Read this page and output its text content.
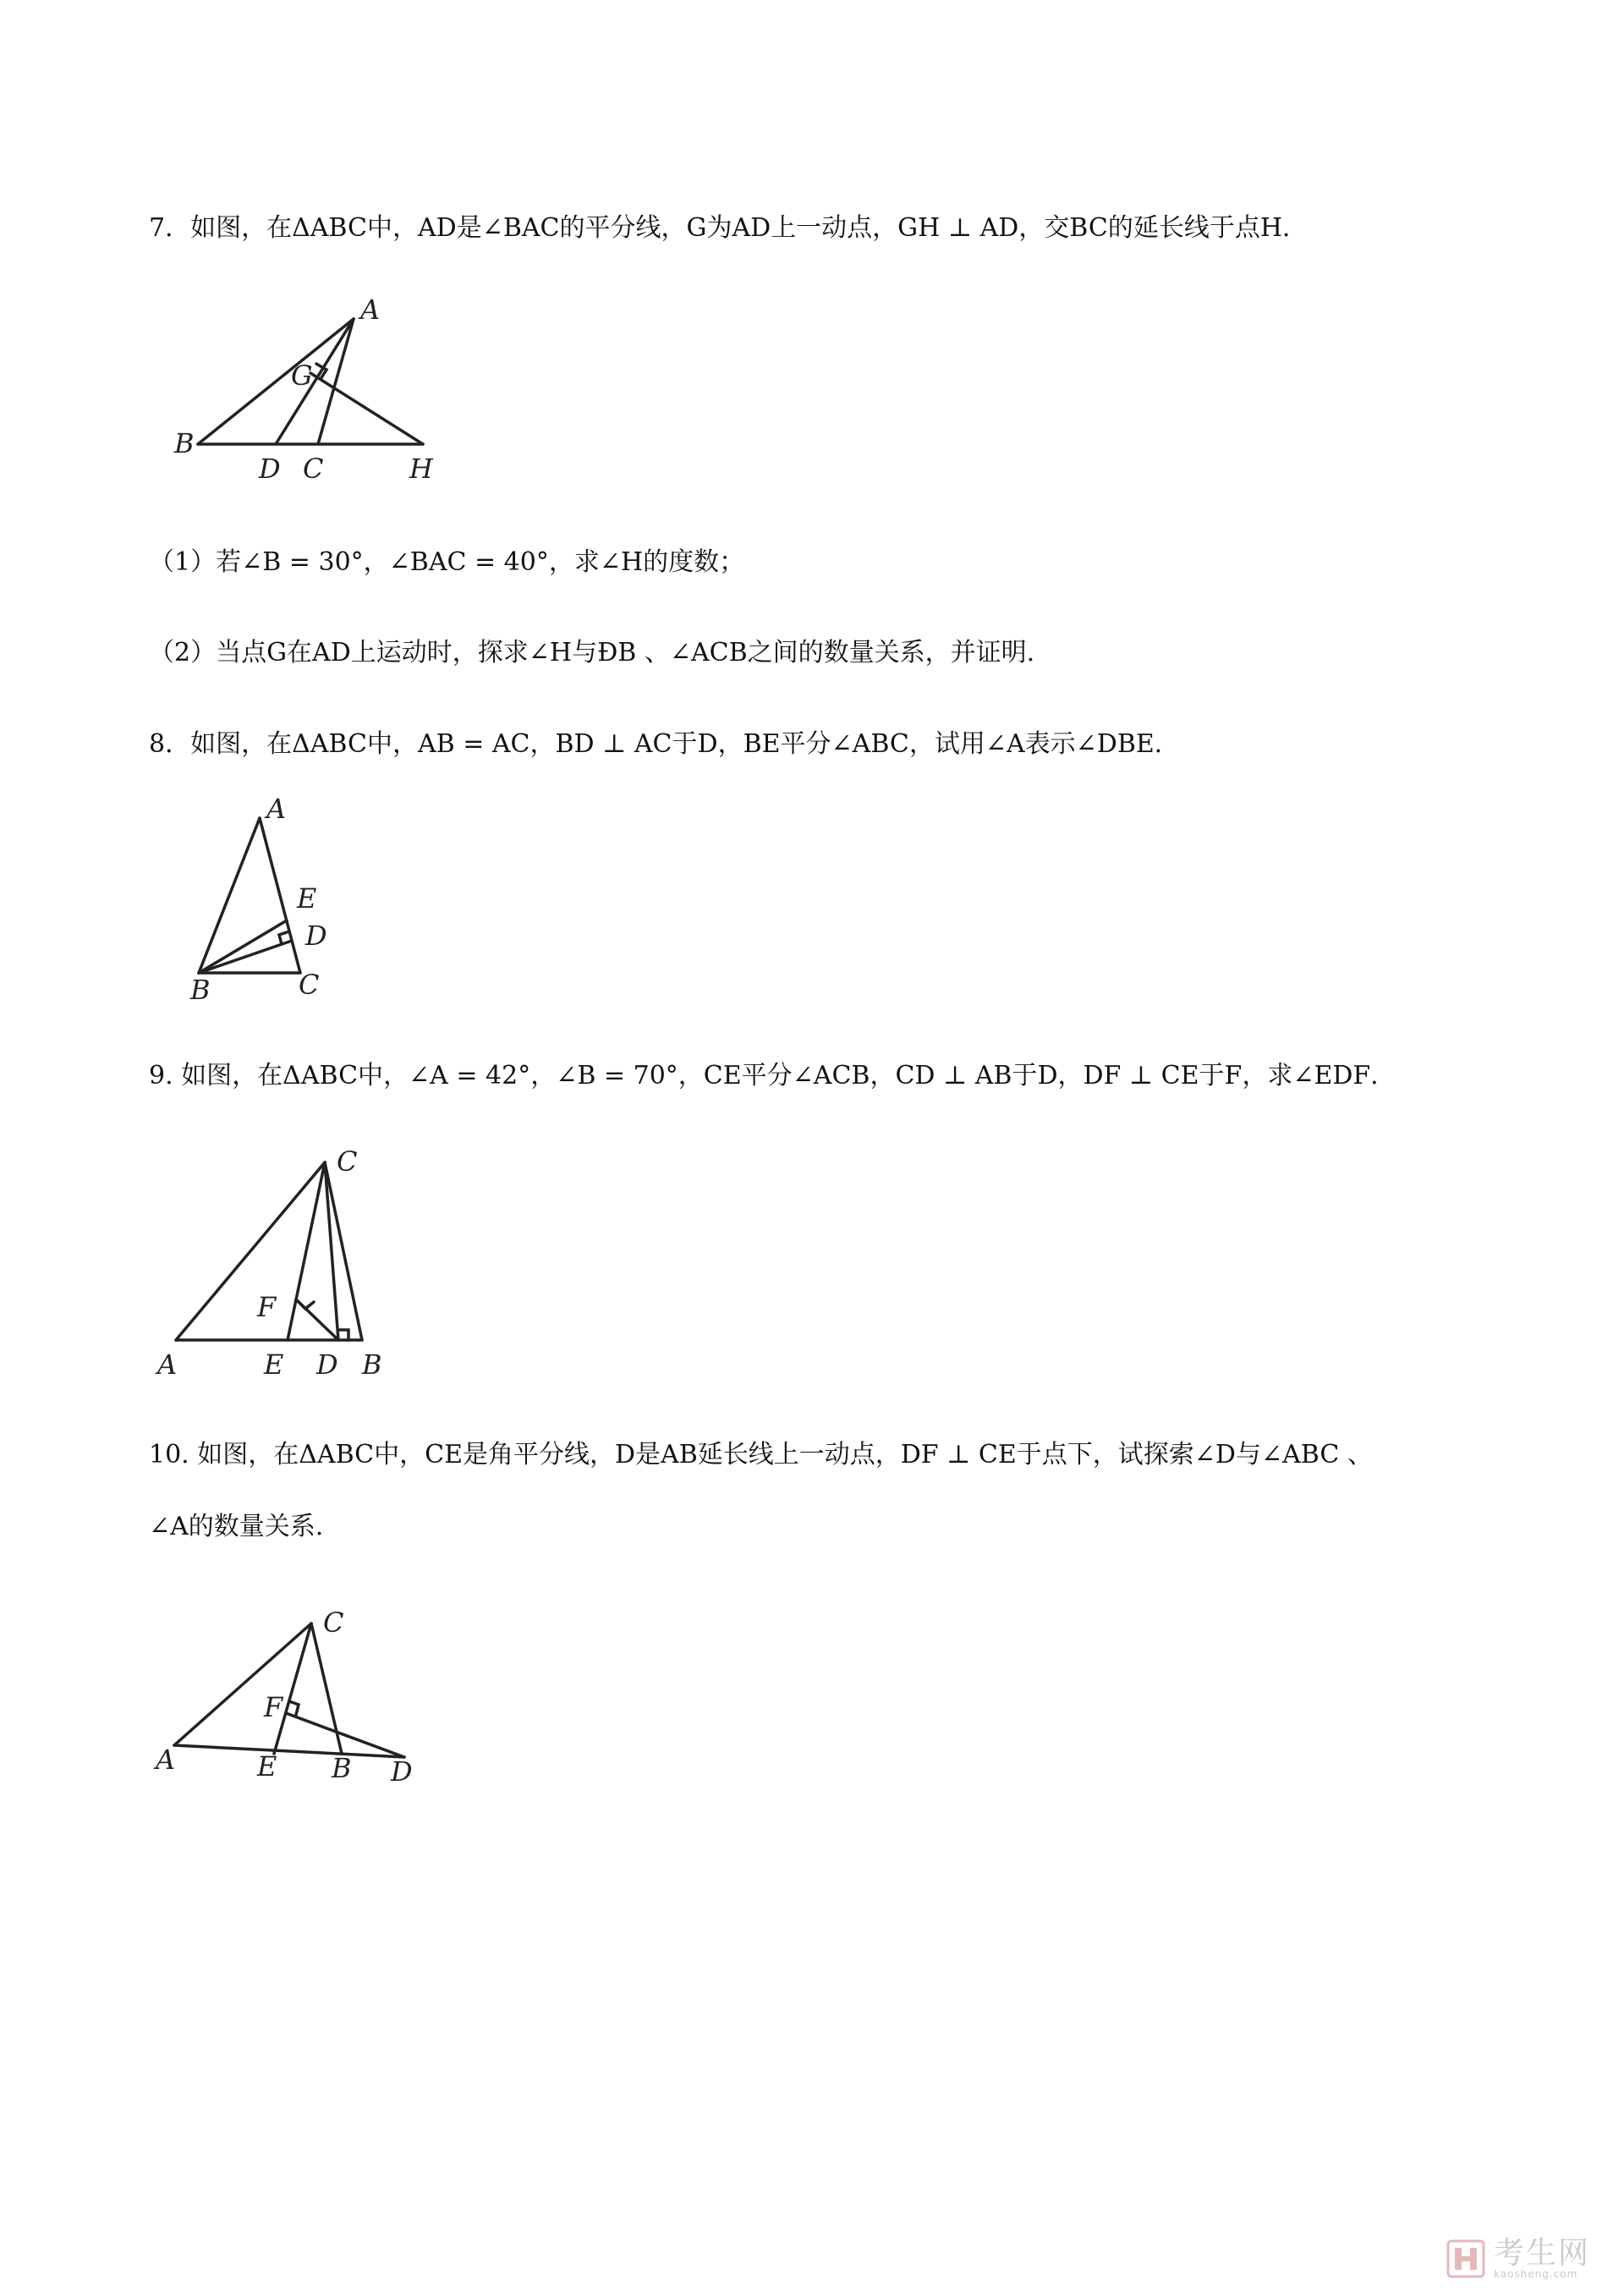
7．如图，在ΔABC中，AD是∠BAC的平分线，G为AD上一动点，GH ⊥ AD，交BC的延长线于点H．
A
G
B
D C	H
（1）若∠B = 30°，∠BAC = 40°，求∠H的度数；
（2）当点G在AD上运动时，探求∠H与ÐB 、∠ACB之间的数量关系，并证明.
8．如图，在ΔABC中，AB = AC，BD ⊥ AC于D，BE平分∠ABC，试用∠A表示∠DBE．
A
E
D
B	C
9. 如图，在ΔABC中，∠A = 42°，∠B = 70°，CE平分∠ACB，CD ⊥ AB于D，DF ⊥ CE于F，求∠EDF．
C
F
A	E D B
10. 如图，在ΔABC中，CE是角平分线，D是AB延长线上一动点，DF ⊥ CE于点下，试探索∠D与∠ABC 、
∠A的数量关系.
C
F
A	E B D
考生网
kaosheng.com
